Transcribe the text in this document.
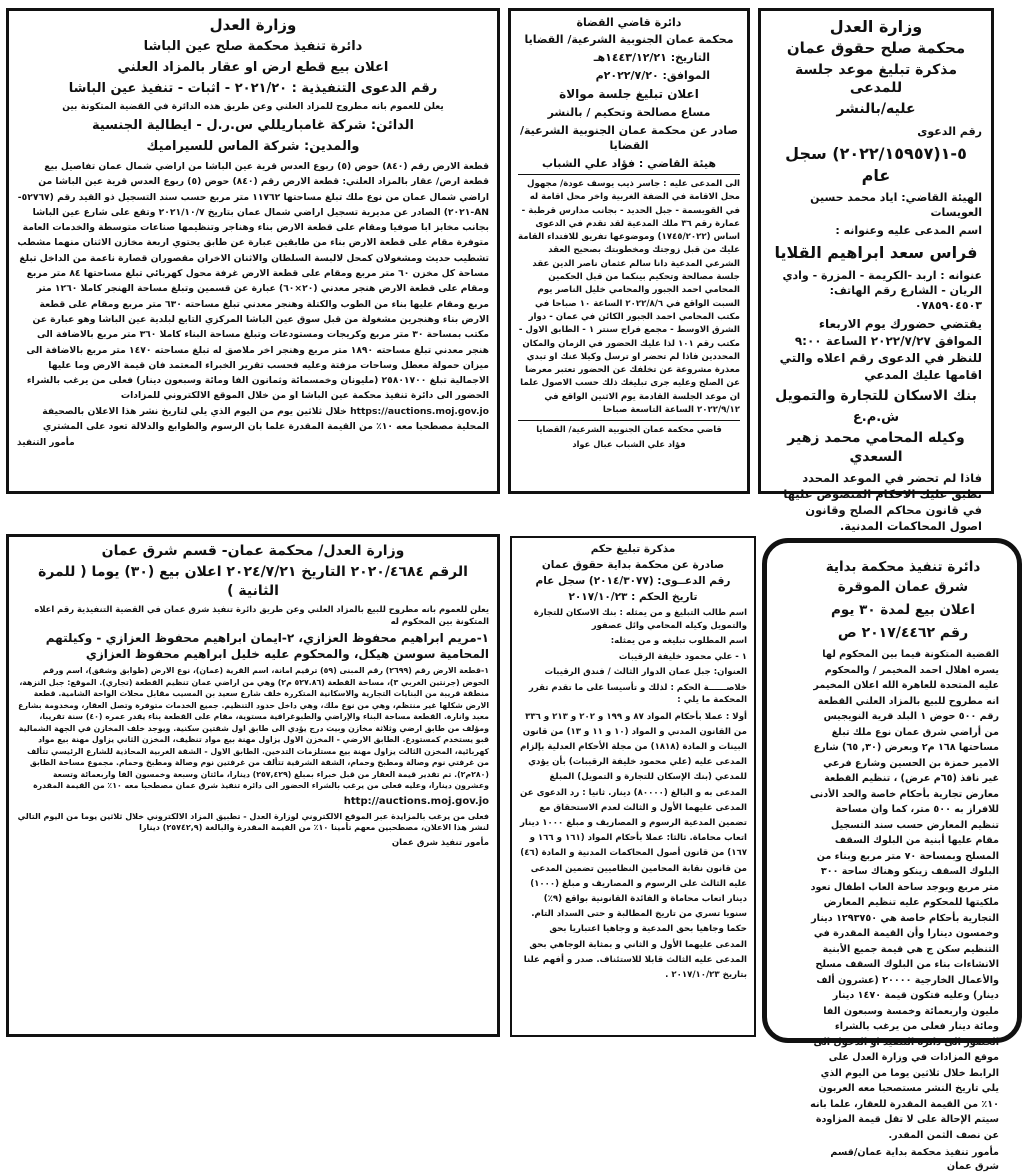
وزارة العدل

محكمة صلح حقوق عمان

مذكرة تبليغ موعد جلسة للمدعى

عليه/بالنشر

رقم الدعوى

٥-١(٢٠٢٢/١٥٩٥٧) سجل عام

الهيئة القاضي: اياد محمد حسين العويسات

اسم المدعى عليه وعنوانه :

فراس سعد ابراهيم القلايا

عنوانه : اربد -الكريمة - المزرة - وادي الريان - الشارع رقم الهاتف: ٠٧٨٥٩٠٤٥٠٣

يقتضي حضورك يوم الاربعاء الموافق ٢٠٢٢/٧/٢٧ الساعة ٩:٠٠ للنظر في الدعوى رقم اعلاه والتي اقامها عليك المدعي

بنك الاسكان للتجارة والتمويل

ش.م.ع

وكيله المحامي محمد زهير السعدي

فاذا لم تحضر في الموعد المحدد تطبق عليك الاحكام المنصوص عليها في قانون محاكم الصلح وقانون اصول المحاكمات المدنية.

دائرة قاضي القضاة

محكمة عمان الجنوبية الشرعية/ القضايا

التاريخ: ١٤٤٣/١٢/٢١هـ

الموافق: ٢٠٢٢/٧/٢٠م

اعلان تبليغ جلسة موالاة

مساع مصالحة وتحكيم / بالنشر

صادر عن محكمة عمان الجنوبية الشرعية/ القضايا

هيئة القاضي : فؤاد علي الشباب

الى المدعى عليه : جاسر ذيب يوسف عودة/ مجهول محل الاقامة في الضفة الغربية واخر محل اقامة له في القويسمة - جبل الحديد - بجانب مدارس قرطبة - عمارة رقم ٣٦ ملك المدعية لقد تقدم في الدعوى اساس (١٧٤٥/٢٠٢٢) وموضوعها تفريق للافتداء القامة عليك من قبل زوجتك ومخطوبتك بصحيح العقد الشرعي المدعية دانا سالم عثمان ناصر الدين عقد جلسة مصالحة وتحكيم بينكما من قبل الحكمين المحامي احمد الجبور والمحامي خليل الناصر يوم السبت الواقع في ٢٠٢٢/٨/٦ الساعة ١٠ صباحا في مكتب المحامي احمد الجبور الكائن في عمان - دوار الشرق الاوسط - مجمع فراح سنتر ١ - الطابق الاول - مكتب رقم ١٠١ لذا عليك الحضور في الزمان والمكان المحددين فاذا لم تحضر او ترسل وكيلا عنك او تبدي معذرة مشروعة عن تخلفك عن الحضور تعتبر معرضا عن الصلح وعليه جرى تبليغك ذلك حسب الاصول علما ان موعد الجلسة القادمة يوم الاثنين الواقع في ٢٠٢٢/٩/١٢ الساعة التاسعة صباحا

قاضي محكمة عمان الجنوبية الشرعية/ القضايا

فؤاد علي الشباب عبال عواد

وزارة العدل

دائرة تنفيذ محكمة صلح عين الباشا

اعلان بيع قطع ارض او عقار بالمزاد العلني

رقم الدعوى التنفيذية : ٢٠٢١/٢٠ - اثبات - تنفيذ عين الباشا

يعلن للعموم بانه مطروح للمزاد العلني وعن طريق هذه الدائرة في القضية المتكونة بين

الدائن: شركة غامباريللي س.ر.ل - ايطالية الجنسية

والمدين: شركة الماس للسيراميك

قطعة الارض رقم (٨٤٠) حوض (٥) ربوع العدس قرية عين الباشا من اراضي شمال عمان تفاصيل بيع قطعة ارض/ عقار بالمزاد العلني: قطعة الارض رقم (٨٤٠) حوض (٥) ربوع العدس قرية عين الباشا من اراضي شمال عمان من نوع ملك تبلغ مساحتها ١١٧٦٢ متر مربع حسب سند التسجيل ذو القيد رقم (٥٢٧٦٧-AN-٢٠٢١) الصادر عن مديرية تسجيل اراضي شمال عمان بتاريخ ٢٠٢١/١٠/٧ وتقع على شارع عين الباشا بجانب مخابز ابا صوفيا ومقام على قطعة الارض بناء وهناجر وتنظيمها صناعات متوسطة والخدمات العامة متوفرة مقام على قطعة الارض بناء من طابقين عبارة عن طابق يحتوي اربعة مخازن الاثنان منهما مشطب تشطيب حديث ومشغولان كمحل لالبسة السلطان والاثنان الاخران مقصوران قصارة ناعمة من الداخل تبلغ مساحة كل مخزن ٦٠ متر مربع ومقام على قطعة الارض غرفة محول كهربائي تبلغ مساحتها ٨٤ متر مربع ومقام على قطعة الارض هنجر معدني (٢٠×٦٠) عبارة عن قسمين وتبلغ مساحة الهنجر كاملا ١٢٦٠ متر مربع ومقام عليها بناء من الطوب والكتلة وهنجر معدني تبلغ مساحته ٦٣٠ متر مربع ومقام على قطعة الارض بناء وهنجرين مشغولة من قبل سوق عين الباشا المركزي التابع لبلدية عين الباشا وهو عبارة عن مكتب بمساحة ٣٠ متر مربع وكريجات ومستودعات وتبلغ مساحة البناء كاملا ٣٦٠ متر مربع بالاضافة الى هنجر معدني تبلغ مساحته ١٨٩٠ متر مربع وهنجر اخر ملاصق له تبلغ مساحته ١٤٧٠ متر مربع بالاضافة الى ميزان حمولة معطل وساحات مزفتة وعليه فحسب تقرير الخبراء المعتمد فان قيمة الارض وما عليها الاجمالية تبلغ ٢٥٨٠١٧٠٠ (مليونان وخمسمائة وثمانون الفا ومائة وسبعون دينار) فعلى من يرغب بالشراء الحضور الى دائرة تنفيذ محكمة عين الباشا او من خلال الموقع الالكتروني للمزادات https://auctions.moj.gov.jo خلال ثلاثين يوم من اليوم الذي يلي لتاريخ نشر هذا الاعلان بالصحيفة المحلية مصطحبا معه ١٠٪ من القيمة المقدرة علما بان الرسوم والطوابع والدلالة تعود على المشتري

مأمور التنفيذ

وزارة العدل/ محكمة عمان- قسم شرق عمان

الرقم ٢٠٢٠/٤٦٨٤ التاريخ ٢٠٢٤/٧/٢١ اعلان بيع (٣٠) يوما ( للمرة الثانية )

يعلن للعموم بانه مطروح للبيع بالمزاد العلني وعن طريق دائرة تنفيذ شرق عمان في القضية التنفيذية رقم اعلاه المتكونة بين المحكوم له

١-مريم ابراهيم محفوظ العزازي، ٢-ايمان ابراهيم محفوظ العزازي - وكيلتهم المحامية سوسن هيكل، والمحكوم عليه خليل ابراهيم محفوظ العزازي

١-قطعة الارض رقم (٢٦٩٩) رقم المبنى (٥٩) ترقيم امانة، اسم القرية (عمان)، نوع الارض (طوابق وشقق)، اسم ورقم الحوض (جرنتين الغربي ٣)، مساحة القطعة (٥٢٧.٨٦ م٢) وهي من اراضي عمان تنظيم القطعة (تجاري). الموقع: جبل النزهة، منطقة قريبة من البنايات التجارية والاسكانية المتكررة خلف شارع سعيد بن المسيب مقابل محلات الواحة الشامية. قطعة الارض شكلها غير منتظم، وهي من نوع ملك، وهي داخل حدود التنظيم. جميع الخدمات متوفرة وتصل العقار، ومخدومة بشارع معبد وانارة. القطعة مساحة البناء والإراضي والطبوغرافية مستوية، مقام على القطعة بناء يقدر عمره (٤٠) سنة تقريبا، ومؤلف من طابق ارضي وثلاثة مخازن وبيت درج يؤدي الى طابق اول شقتين سكنية. ويوجد خلف المخازن في الجهة الشمالية قبو يستخدم كمستودع. الطابق الارضي - المخزن الاول يزاول مهنة بيع مواد تنظيف، المخزن الثاني يزاول مهنة بيع مواد كهربائية، المخزن الثالث يزاول مهنة بيع مستلزمات التدخين. الطابق الاول - الشقة الغربية المحاذية للشارع الرئيسي تتألف من غرفتي نوم وصالة ومطبخ وحمام، الشقة الشرقية تتألف من غرفتين نوم وصالة ومطبخ وحمام. مجموع مساحة الطابق (٢٨٠م٢). تم تقدير قيمة العقار من قبل خبراء بمبلغ (٢٥٧,٤٢٩) دينارا، مائتان وسبعة وخمسون الفا واربعمائة وتسعة وعشرون دينارا، وعليه فعلى من يرغب بالشراء الحضور الى دائرة تنفيذ شرق عمان مصطحبا معه ١٠٪ من القيمة المقدرة

http://auctions.moj.gov.jo

فعلى من يرغب بالمزايدة عبر الموقع الالكتروني لوزارة العدل - تطبيق المزاد الالكتروني خلال ثلاثين يوما من اليوم التالي لنشر هذا الاعلان، مصطحبين معهم تأمينا ١٠٪ من القيمة المقدرة والبالغة (٢٥٧٤٢,٩) دينارا

مأمور تنفيذ شرق عمان

مذكرة تبليغ حكم

صادرة عن محكمة بداية حقوق عمان

رقم الدعــوى: (٢٠١٤/٣٠٧٧) سجل عام

تاريخ الحكم : ٢٠١٧/١٠/٢٣

اسم طالب التبليغ و من يمثله : بنك الاسكان للتجارة والتمويل وكيله المحامي وائل عصفور

اسم المطلوب تبليغه و من يمثله:

١ - علي محمود خليفة الرقيبات

العنوان: جبل عمان الدوار الثالث / فندق الرقيبات

خلاصــــــة الحكم : لذلك و تأسيسا على ما تقدم تقرر المحكمة ما يلي :

أولا : عملا بأحكام المواد ٨٧ و ١٩٩ و ٢٠٢ و ٢١٣ و ٣٣٦ من القانون المدني و المواد (١٠ و ١١ و ١٣) من قانون البينات و المادة (١٨١٨) من مجلة الأحكام العدلية بإلزام المدعى عليه (علي محمود خليفة الرقيبات) بأن يؤدي للمدعي (بنك الإسكان للتجارة و التمويل) المبلغ المدعى به و البالغ (٨٠٠٠٠) دينار. ثانيا : رد الدعوى عن المدعى عليهما الأول و الثالث لعدم الاستحقاق مع تضمين المدعية الرسوم و المصاريف و مبلغ ١٠٠٠ دينار اتعاب محاماة. ثالثا: عملا بأحكام المواد (١٦١ و ١٦٦ و ١٦٧) من قانون أصول المحاكمات المدنية و المادة (٤٦) من قانون نقابة المحامين النظاميين تضمين المدعى عليه الثالث على الرسوم و المصاريف و مبلغ (١٠٠٠) دينار اتعاب محاماة و الفائدة القانونية بواقع (٩٪) سنويا تسري من تاريخ المطالبة و حتى السداد التام. حكما وجاهيا بحق المدعية و وجاهيا اعتباريا بحق المدعى عليهما الأول و الثاني و بمثابة الوجاهي بحق المدعى عليه الثالث قابلا للاستئناف. صدر و أفهم علنا بتاريخ ٢٠١٧/١٠/٢٣ .

دائرة تنفيذ محكمة بداية شرق عمان الموقرة

اعلان بيع لمدة ٣٠ يوم

رقم ٢٠١٧/٤٤٦٢ ص

القضية المتكونة فيما بين المحكوم لها يسره اهلال احمد المخيمر / والمحكوم عليه المتحدة للعاهرة الله اعلان المخيمر انه مطروح للبيع بالمزاد العلني القطعة رقم ٥٠٠ حوض ١ البلد قرية النويجيس من أراضي شرق عمان نوع ملك تبلغ مساحتها ١٦٨ م٢ وبعرض (٣٠, ٦٥) شارع الامير حمزة بن الحسين وشارع فرعي غير نافذ (٦٥م عرض) ، تنظيم القطعة معارض تجارية بأحكام خاصة والحد الأدنى للافراز به ٥٠٠ متر، كما وان مساحة تنظيم المعارض حسب سند التسجيل مقام عليها أبنية من البلوك السقف المسلح وبمساحة ٧٠ متر مربع وبناء من البلوك السقف زينكو وهناك ساحة ٣٠٠ متر مربع ويوجد ساحة العاب اطفال تعود ملكيتها للمحكوم عليه تنظيم المعارض التجارية بأحكام خاصة هي ١٢٩٣٧٥٠ دينار وخمسون دينارا وأن القيمة المقدرة في التنظيم سكن ج هي قيمة جميع الأبنية الانشاءات بناء من البلوك السقف مسلح والأعمال الخارجية ٢٠٠٠٠ (عشرون ألف دينار) وعليه فتكون قيمة ١٤٧٠ دينار مليون واربعمائة وخمسة وسبعون الفا ومائة دينار فعلى من يرغب بالشراء الحضور الى دائرة التنفيذ او الدخول الى موقع المزادات في وزارة العدل على الرابط خلال ثلاثين يوما من اليوم الذي يلي تاريخ النشر مستصحبا معه العربون ١٠٪ من القيمة المقدرة للعقار، علما بانه سيتم الإحالة على لا تقل قيمة المزاودة عن نصف الثمن المقدر.

مأمور تنفيذ محكمة بداية عمان/قسم شرق عمان
